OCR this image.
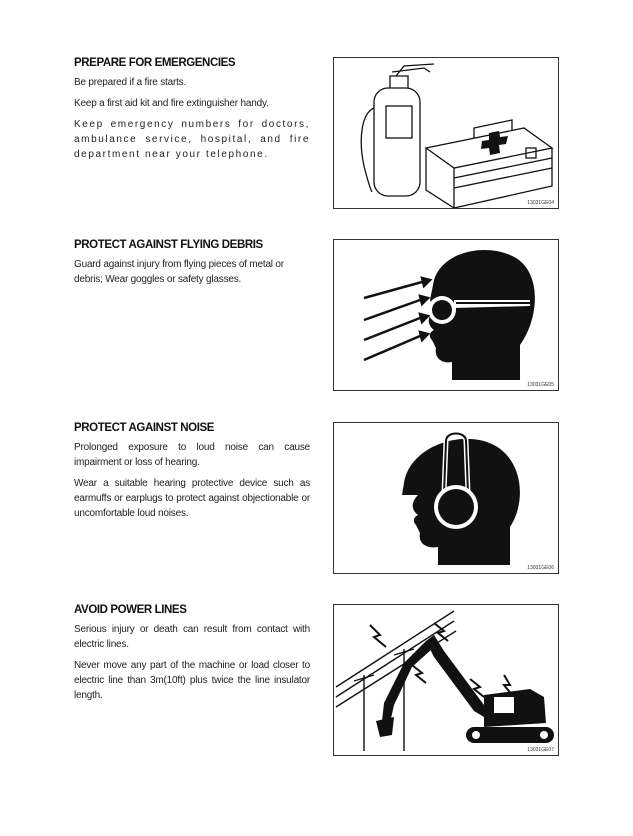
PREPARE FOR EMERGENCIES

Be prepared if a fire starts.

Keep a first aid kit and fire extinguisher handy.

Keep emergency numbers for doctors, ambulance service, hospital, and fire department near your telephone.

13031GE04
PROTECT AGAINST FLYING DEBRIS

Guard against injury from flying pieces of metal or debris; Wear goggles or safety glasses.

13031GE05
PROTECT AGAINST NOISE

Prolonged exposure to loud noise can cause impairment or loss of hearing.

Wear a suitable hearing protective device such as earmuffs or earplugs to protect against objectionable or uncomfortable loud noises.

13031GE06
AVOID POWER LINES

Serious injury or death can result from contact with electric lines.

Never move any part of the machine or load closer to electric line than 3m(10ft) plus twice the line insulator length.

13031GE07
